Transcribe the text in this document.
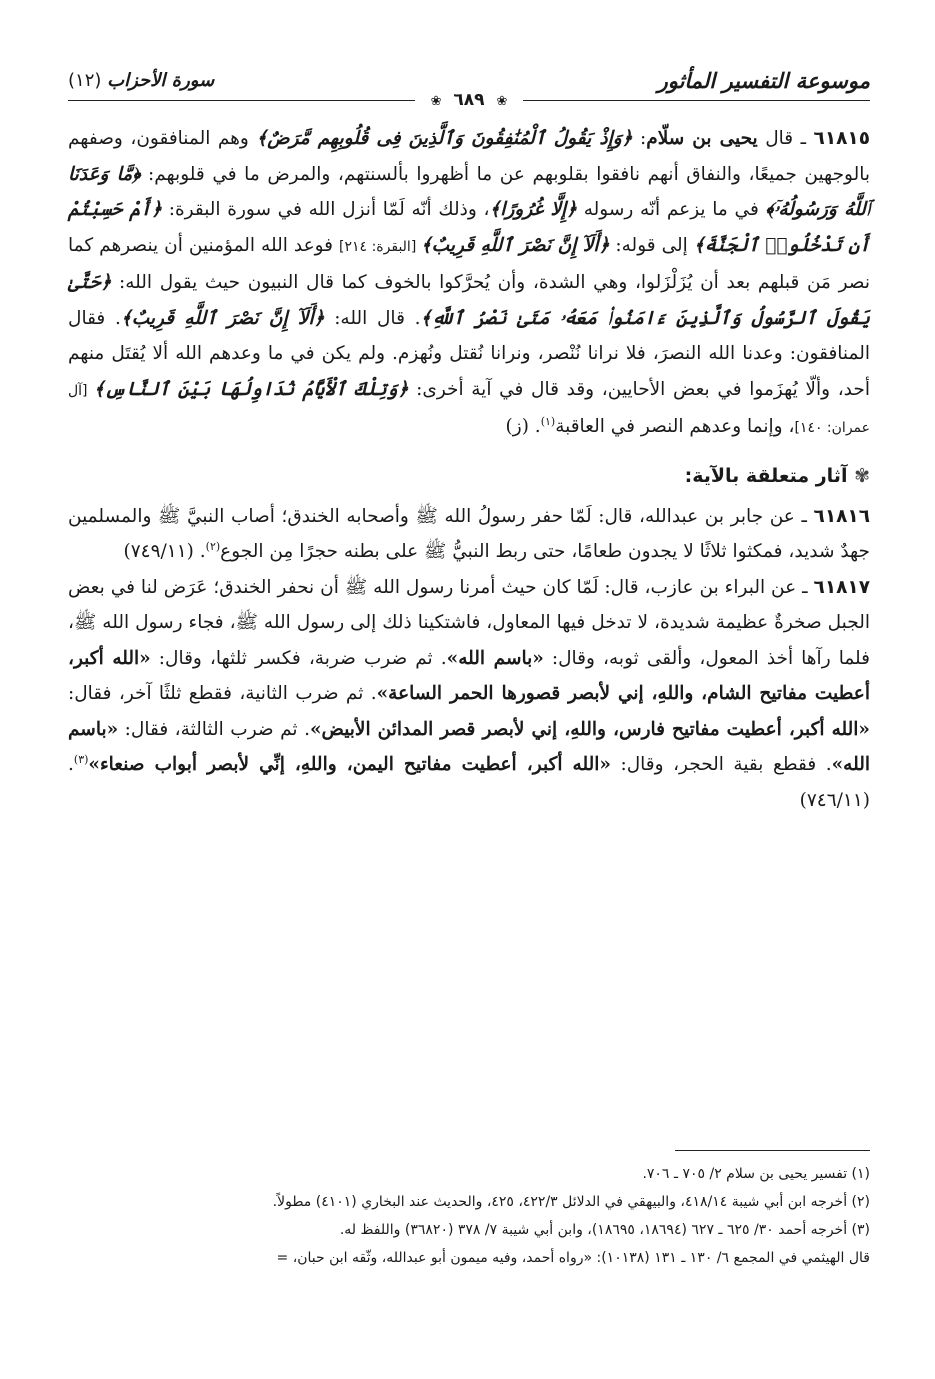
موسوعة التفسير المأثور
سورة الأحزاب (١٢)
❀ ٦٨٩ ❀

٦١٨١٥ ـ قال يحيى بن سلّام: ﴿وَإِذْ يَقُولُ ٱلْمُنَٰفِقُونَ وَٱلَّذِينَ فِى قُلُوبِهِم مَّرَضٌ﴾ وهم المنافقون، وصفهم بالوجهين جميعًا، والنفاق أنهم نافقوا بقلوبهم عن ما أظهروا بألسنتهم، والمرض ما في قلوبهم: ﴿مَّا وَعَدَنَا ٱللَّهُ وَرَسُولُهُۥٓ﴾ في ما يزعم أنّه رسوله ﴿إِلَّا غُرُورًا﴾، وذلك أنّه لَمّا أنزل الله في سورة البقرة: ﴿أَمْ حَسِبْتُمْ أَن تَدْخُلُوا۟ ٱلْجَنَّةَ﴾ إلى قوله: ﴿أَلَآ إِنَّ نَصْرَ ٱللَّهِ قَرِيبٌ﴾ [البقرة: ٢١٤] فوعد الله المؤمنين أن ينصرهم كما نصر مَن قبلهم بعد أن يُزَلْزَلوا، وهي الشدة، وأن يُحرَّكوا بالخوف كما قال النبيون حيث يقول الله: ﴿حَتَّىٰ يَقُولَ ٱلرَّسُولُ وَٱلَّذِينَ ءَامَنُوا۟ مَعَهُۥ مَتَىٰ نَصْرُ ٱللَّهِ﴾. قال الله: ﴿أَلَآ إِنَّ نَصْرَ ٱللَّهِ قَرِيبٌ﴾. فقال المنافقون: وعدنا الله النصرَ، فلا نرانا نُنْصر، ونرانا نُقتل ونُهزم. ولم يكن في ما وعدهم الله ألا يُقتَل منهم أحد، وألّا يُهزَموا في بعض الأحايين، وقد قال في آية أخرى: ﴿وَتِلْكَ ٱلْأَيَّامُ نُدَاوِلُهَا بَيْنَ ٱلنَّاسِ﴾ [آل عمران: ١٤٠]، وإنما وعدهم النصر في العاقبة$^{(١)}$. (ز)

✾ آثار متعلقة بالآية:

٦١٨١٦ ـ عن جابر بن عبدالله، قال: لَمّا حفر رسولُ الله ﷺ وأصحابه الخندق؛ أصاب النبيَّ ﷺ والمسلمين جهدٌ شديد، فمكثوا ثلاثًا لا يجدون طعامًا، حتى ربط النبيُّ ﷺ على بطنه حجرًا مِن الجوع$^{(٢)}$. (٧٤٩/١١)

٦١٨١٧ ـ عن البراء بن عازب، قال: لَمّا كان حيث أمرنا رسول الله ﷺ أن نحفر الخندق؛ عَرَض لنا في بعض الجبل صخرةٌ عظيمة شديدة، لا تدخل فيها المعاول، فاشتكينا ذلك إلى رسول الله ﷺ، فجاء رسول الله ﷺ، فلما رآها أخذ المعول، وألقى ثوبه، وقال: «باسم الله». ثم ضرب ضربة، فكسر ثلثها، وقال: «الله أكبر، أعطيت مفاتيح الشام، واللهِ، إني لأبصر قصورها الحمر الساعة». ثم ضرب الثانية، فقطع ثلثًا آخر، فقال: «الله أكبر، أعطيت مفاتيح فارس، واللهِ، إني لأبصر قصر المدائن الأبيض». ثم ضرب الثالثة، فقال: «باسم الله». فقطع بقية الحجر، وقال: «الله أكبر، أعطيت مفاتيح اليمن، واللهِ، إنِّي لأبصر أبواب صنعاء»$^{(٣)}$. (٧٤٦/١١)

(١) تفسير يحيى بن سلام ٢/ ٧٠٥ ـ ٧٠٦.

(٢) أخرجه ابن أبي شيبة ٤١٨/١٤، والبيهقي في الدلائل ٤٢٢/٣، ٤٢٥، والحديث عند البخاري (٤١٠١) مطولاً.

(٣) أخرجه أحمد ٣٠/ ٦٢٥ ـ ٦٢٧ (١٨٦٩٤، ١٨٦٩٥)، وابن أبي شيبة ٧/ ٣٧٨ (٣٦٨٢٠) واللفظ له.

قال الهيثمي في المجمع ٦/ ١٣٠ ـ ١٣١ (١٠١٣٨): «رواه أحمد، وفيه ميمون أبو عبدالله، وثّقه ابن حبان، =
